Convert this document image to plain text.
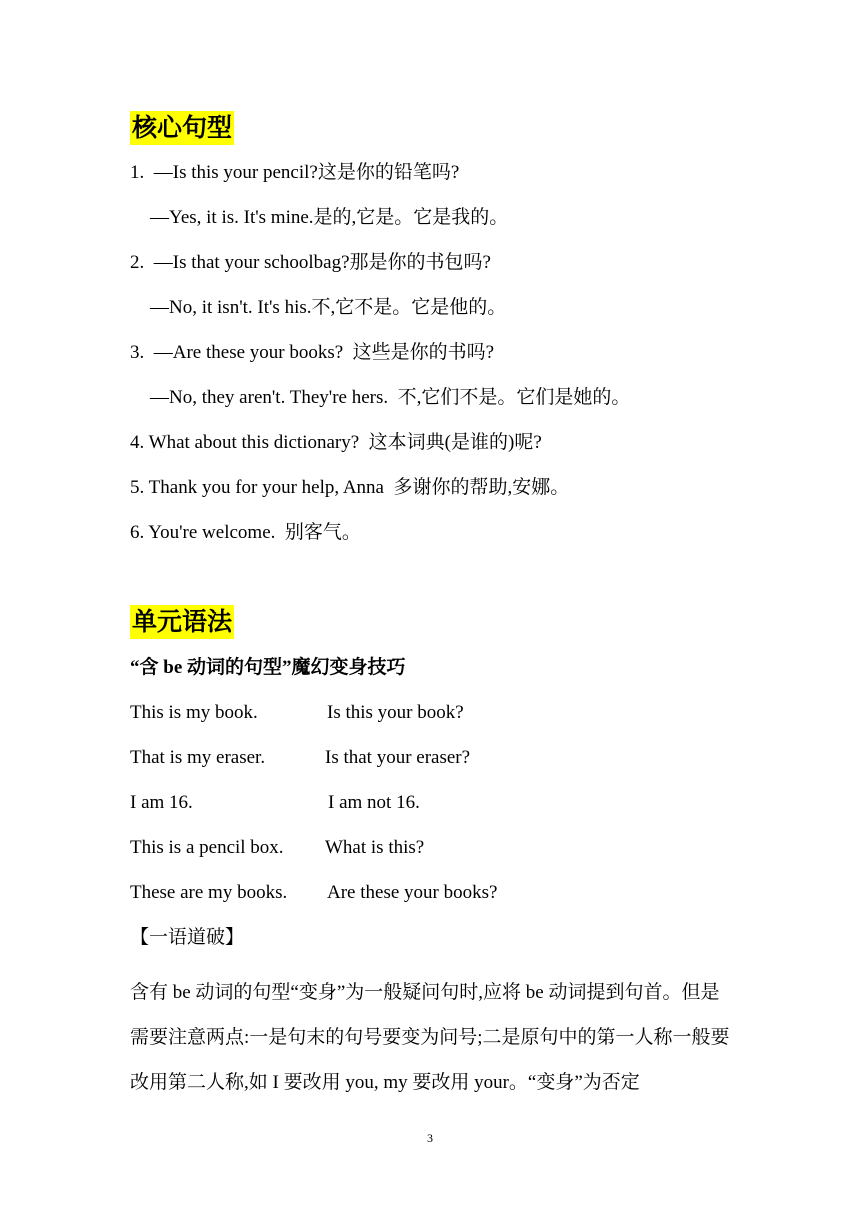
核心句型
1.  —Is this your pencil?这是你的铅笔吗?
—Yes, it is. It's mine.是的,它是。它是我的。
2.  —Is that your schoolbag?那是你的书包吗?
—No, it isn't. It's his.不,它不是。它是他的。
3.  —Are these your books?  这些是你的书吗?
—No, they aren't. They're hers.  不,它们不是。它们是她的。
4. What about this dictionary?  这本词典(是谁的)呢?
5. Thank you for your help, Anna  多谢你的帮助,安娜。
6. You're welcome.  别客气。
单元语法
“含 be 动词的句型”魔幻变身技巧
This is my book.	Is this your book?
That is my eraser.	Is that your eraser?
I am 16.	I am not 16.
This is a pencil box. What is this?
These are my books. Are these your books?
【一语道破】
含有 be 动词的句型“变身”为一般疑问句时,应将 be 动词提到句首。但是需要注意两点:一是句末的句号要变为问号;二是原句中的第一人称一般要改用第二人称,如 I 要改用 you, my 要改用 your。“变身”为否定
3
